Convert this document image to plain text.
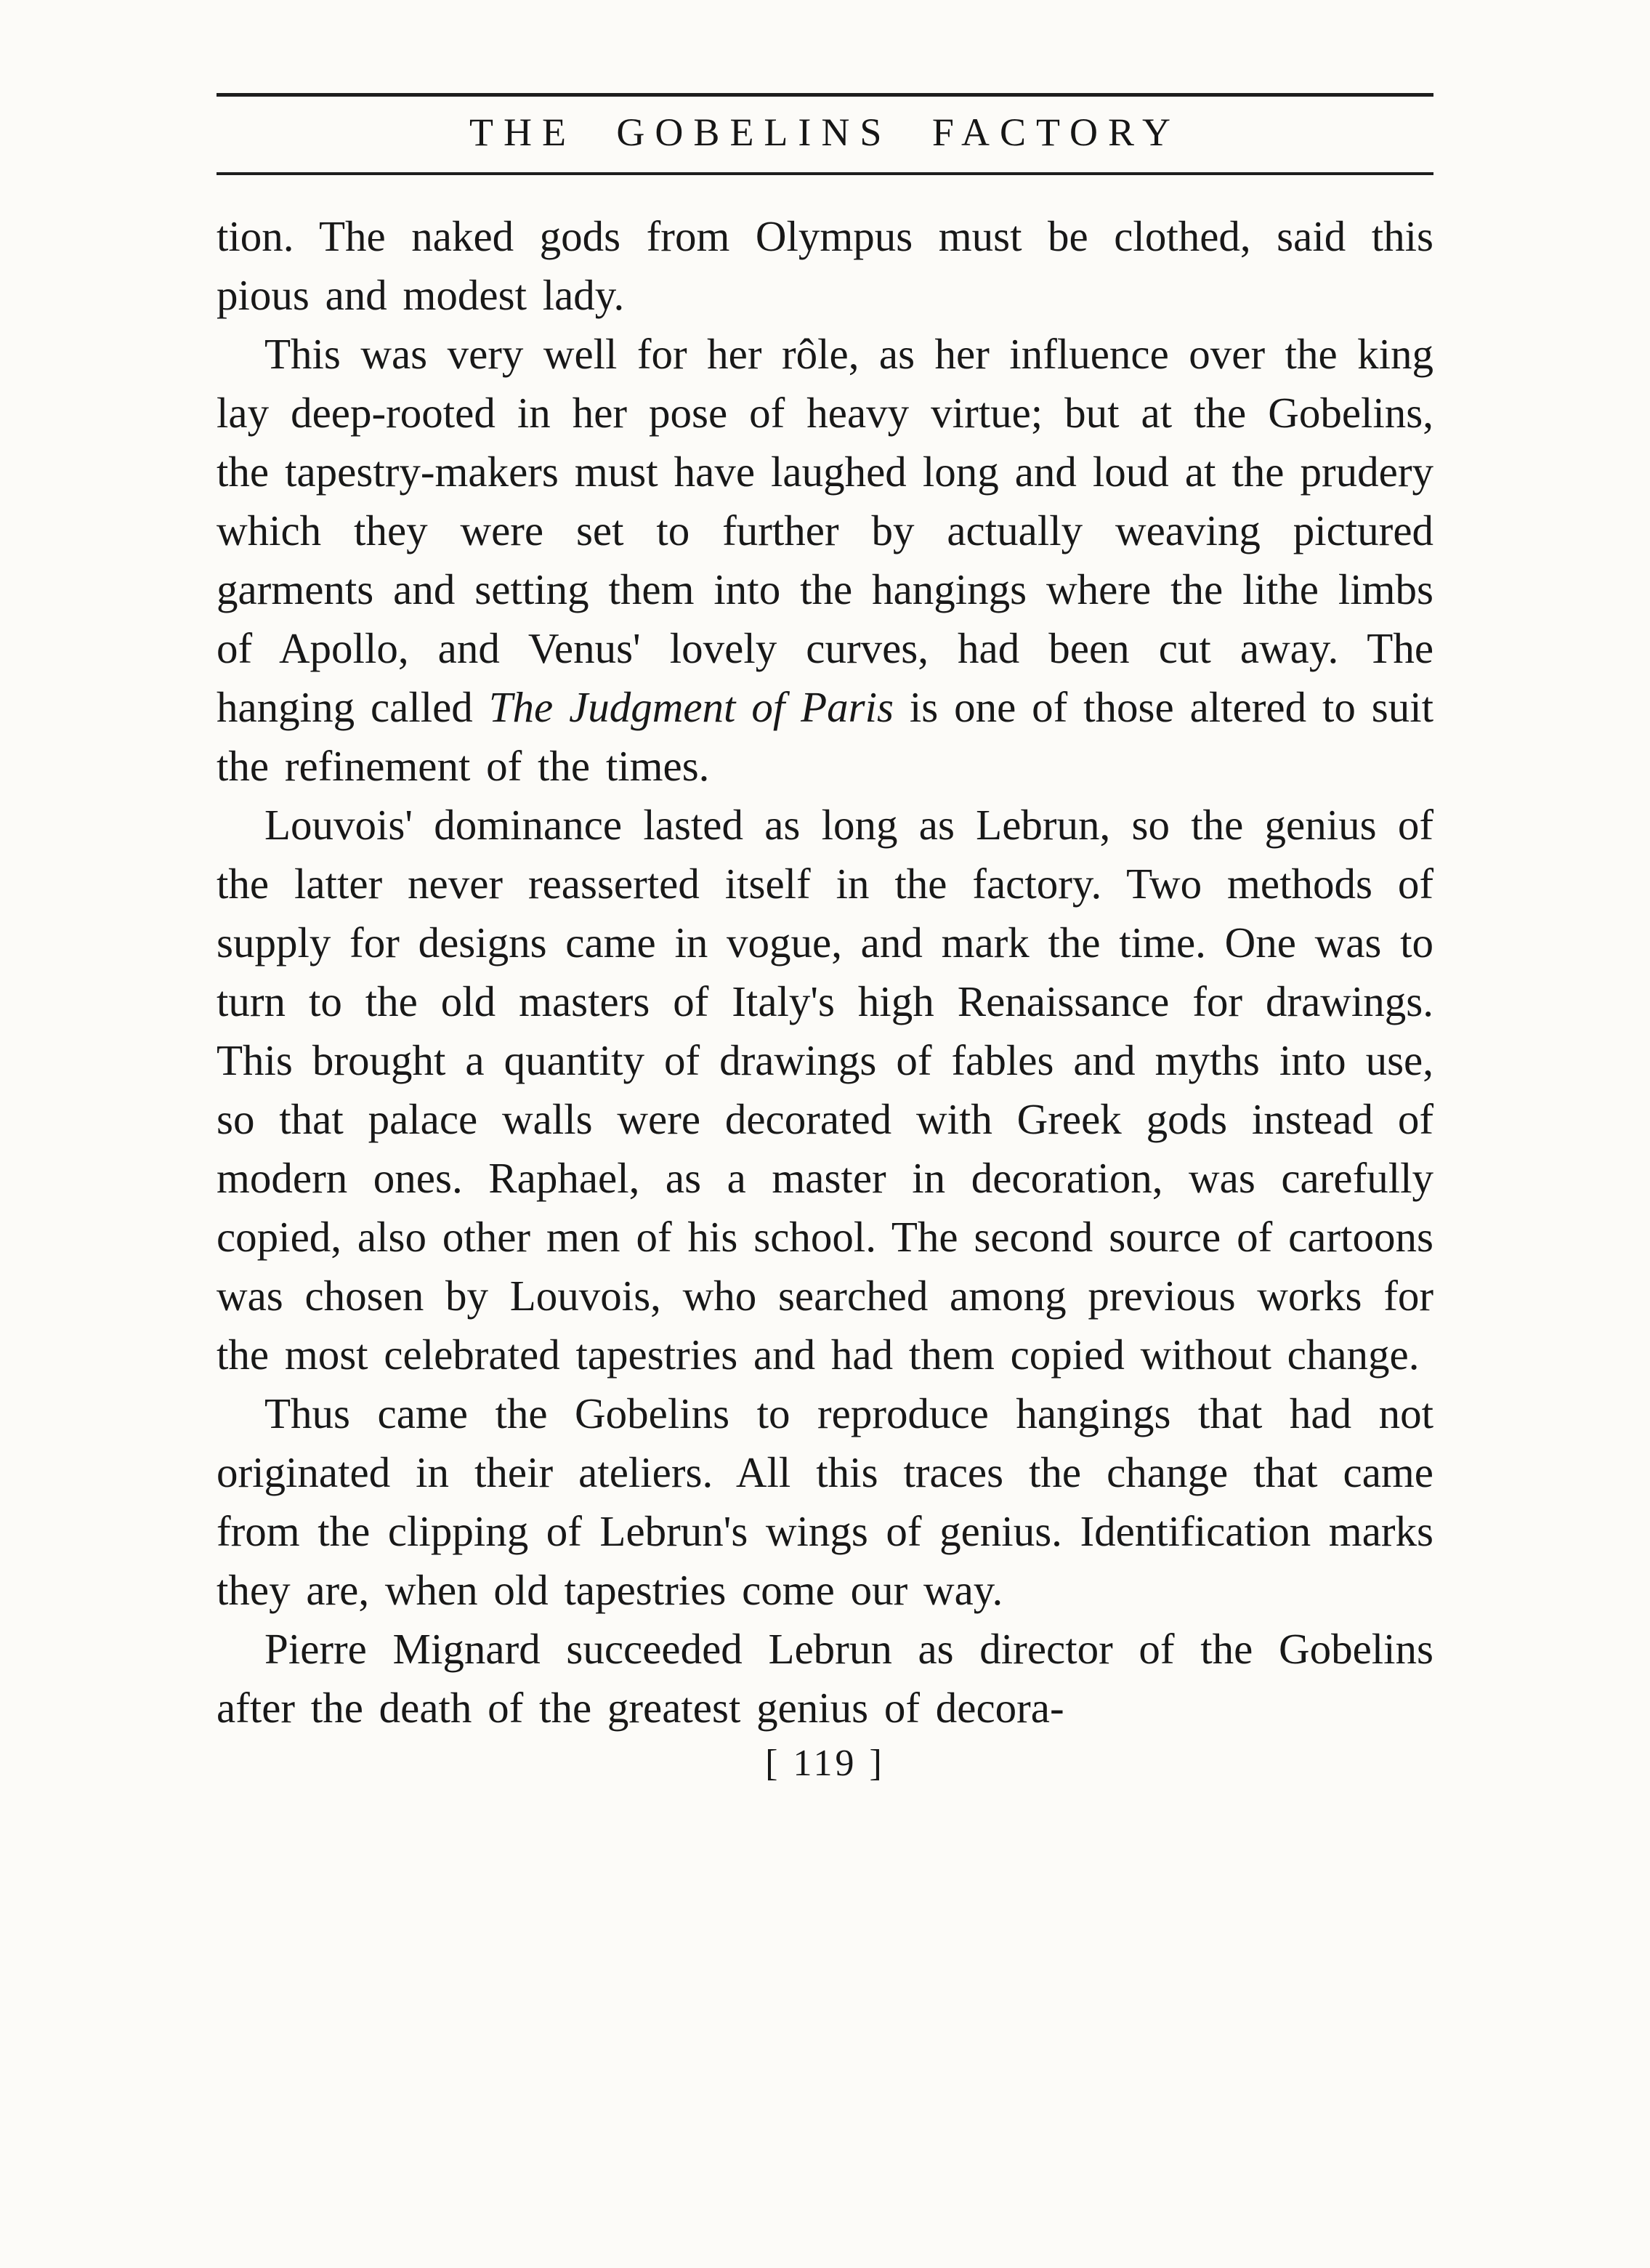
THE GOBELINS FACTORY

tion. The naked gods from Olympus must be clothed, said this pious and modest lady.

This was very well for her rôle, as her influence over the king lay deep-rooted in her pose of heavy virtue; but at the Gobelins, the tapestry-makers must have laughed long and loud at the prudery which they were set to further by actually weaving pictured garments and setting them into the hangings where the lithe limbs of Apollo, and Venus' lovely curves, had been cut away. The hanging called The Judgment of Paris is one of those altered to suit the refinement of the times.

Louvois' dominance lasted as long as Lebrun, so the genius of the latter never reasserted itself in the factory. Two methods of supply for designs came in vogue, and mark the time. One was to turn to the old masters of Italy's high Renaissance for drawings. This brought a quantity of drawings of fables and myths into use, so that palace walls were decorated with Greek gods instead of modern ones. Raphael, as a master in decoration, was carefully copied, also other men of his school. The second source of cartoons was chosen by Louvois, who searched among previous works for the most celebrated tapestries and had them copied without change.

Thus came the Gobelins to reproduce hangings that had not originated in their ateliers. All this traces the change that came from the clipping of Lebrun's wings of genius. Identification marks they are, when old tapestries come our way.

Pierre Mignard succeeded Lebrun as director of the Gobelins after the death of the greatest genius of decora-

[ 119 ]
